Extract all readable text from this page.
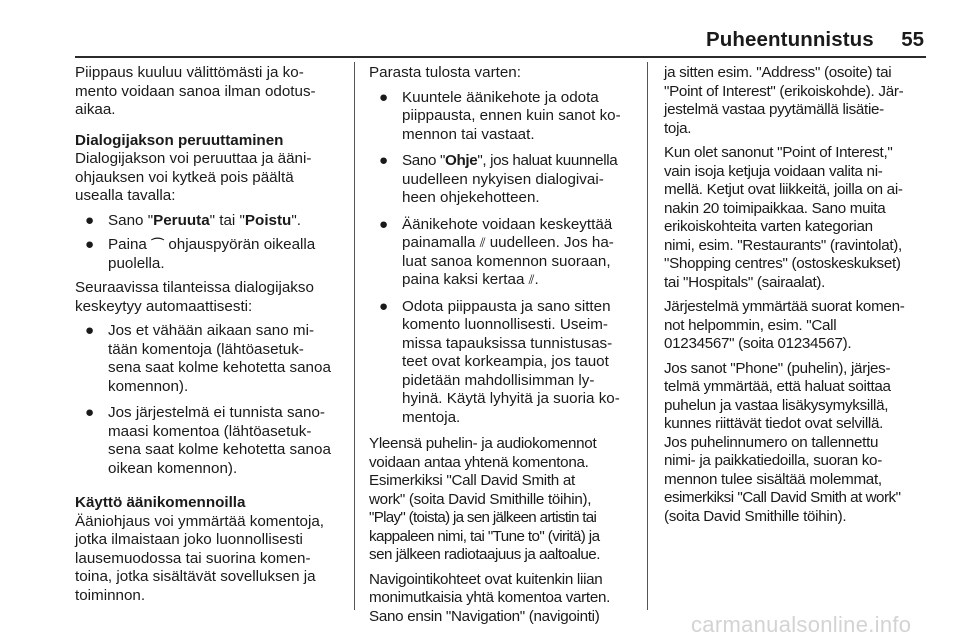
Puheentunnistus	55
Piippaus kuuluu välittömästi ja ko-
mento voidaan sanoa ilman odotus-
aikaa.
Dialogijakson peruuttaminen
Dialogijakson voi peruuttaa ja ääni-
ohjauksen voi kytkeä pois päältä
usealla tavalla:
● Sano "Peruuta" tai "Poistu".
● Paina ⌒ ohjauspyörän oikealla
puolella.
Seuraavissa tilanteissa dialogijakso
keskeytyy automaattisesti:
● Jos et vähään aikaan sano mi-
tään komentoja (lähtöasetuk-
sena saat kolme kehotetta sanoa
komennon).
● Jos järjestelmä ei tunnista sano-
maasi komentoa (lähtöasetuk-
sena saat kolme kehotetta sanoa
oikean komennon).
Käyttö äänikomennoilla
Ääniohjaus voi ymmärtää komentoja,
jotka ilmaistaan joko luonnollisesti
lausemuodossa tai suorina komen-
toina, jotka sisältävät sovelluksen ja
toiminnon.
Parasta tulosta varten:
● Kuuntele äänikehote ja odota
piippausta, ennen kuin sanot ko-
mennon tai vastaat.
● Sano "Ohje", jos haluat kuunnella
uudelleen nykyisen dialogivai-
heen ohjekehotteen.
● Äänikehote voidaan keskeyttää
painamalla ⫽ uudelleen. Jos ha-
luat sanoa komennon suoraan,
paina kaksi kertaa ⫽.
● Odota piippausta ja sano sitten
komento luonnollisesti. Useim-
missa tapauksissa tunnistusas-
teet ovat korkeampia, jos tauot
pidetään mahdollisimman ly-
hyinä. Käytä lyhyitä ja suoria ko-
mentoja.
Yleensä puhelin- ja audiokomennot
voidaan antaa yhtenä komentona.
Esimerkiksi "Call David Smith at
work" (soita David Smithille töihin),
"Play" (toista) ja sen jälkeen artistin tai
kappaleen nimi, tai "Tune to" (viritä) ja
sen jälkeen radiotaajuus ja aaltoalue.
Navigointikohteet ovat kuitenkin liian
monimutkaisia yhtä komentoa varten.
Sano ensin "Navigation" (navigointi)
ja sitten esim. "Address" (osoite) tai
"Point of Interest" (erikoiskohde). Jär-
jestelmä vastaa pyytämällä lisätie-
toja.
Kun olet sanonut "Point of Interest,"
vain isoja ketjuja voidaan valita ni-
mellä. Ketjut ovat liikkeitä, joilla on ai-
nakin 20 toimipaikkaa. Sano muita
erikoiskohteita varten kategorian
nimi, esim. "Restaurants" (ravintolat),
"Shopping centres" (ostoskeskukset)
tai "Hospitals" (sairaalat).
Järjestelmä ymmärtää suorat komen-
not helpommin, esim. "Call
01234567" (soita 01234567).
Jos sanot "Phone" (puhelin), järjes-
telmä ymmärtää, että haluat soittaa
puhelun ja vastaa lisäkysymyksillä,
kunnes riittävät tiedot ovat selvillä.
Jos puhelinnumero on tallennettu
nimi- ja paikkatiedoilla, suoran ko-
mennon tulee sisältää molemmat,
esimerkiksi "Call David Smith at work"
(soita David Smithille töihin).
carmanualsonline.info
